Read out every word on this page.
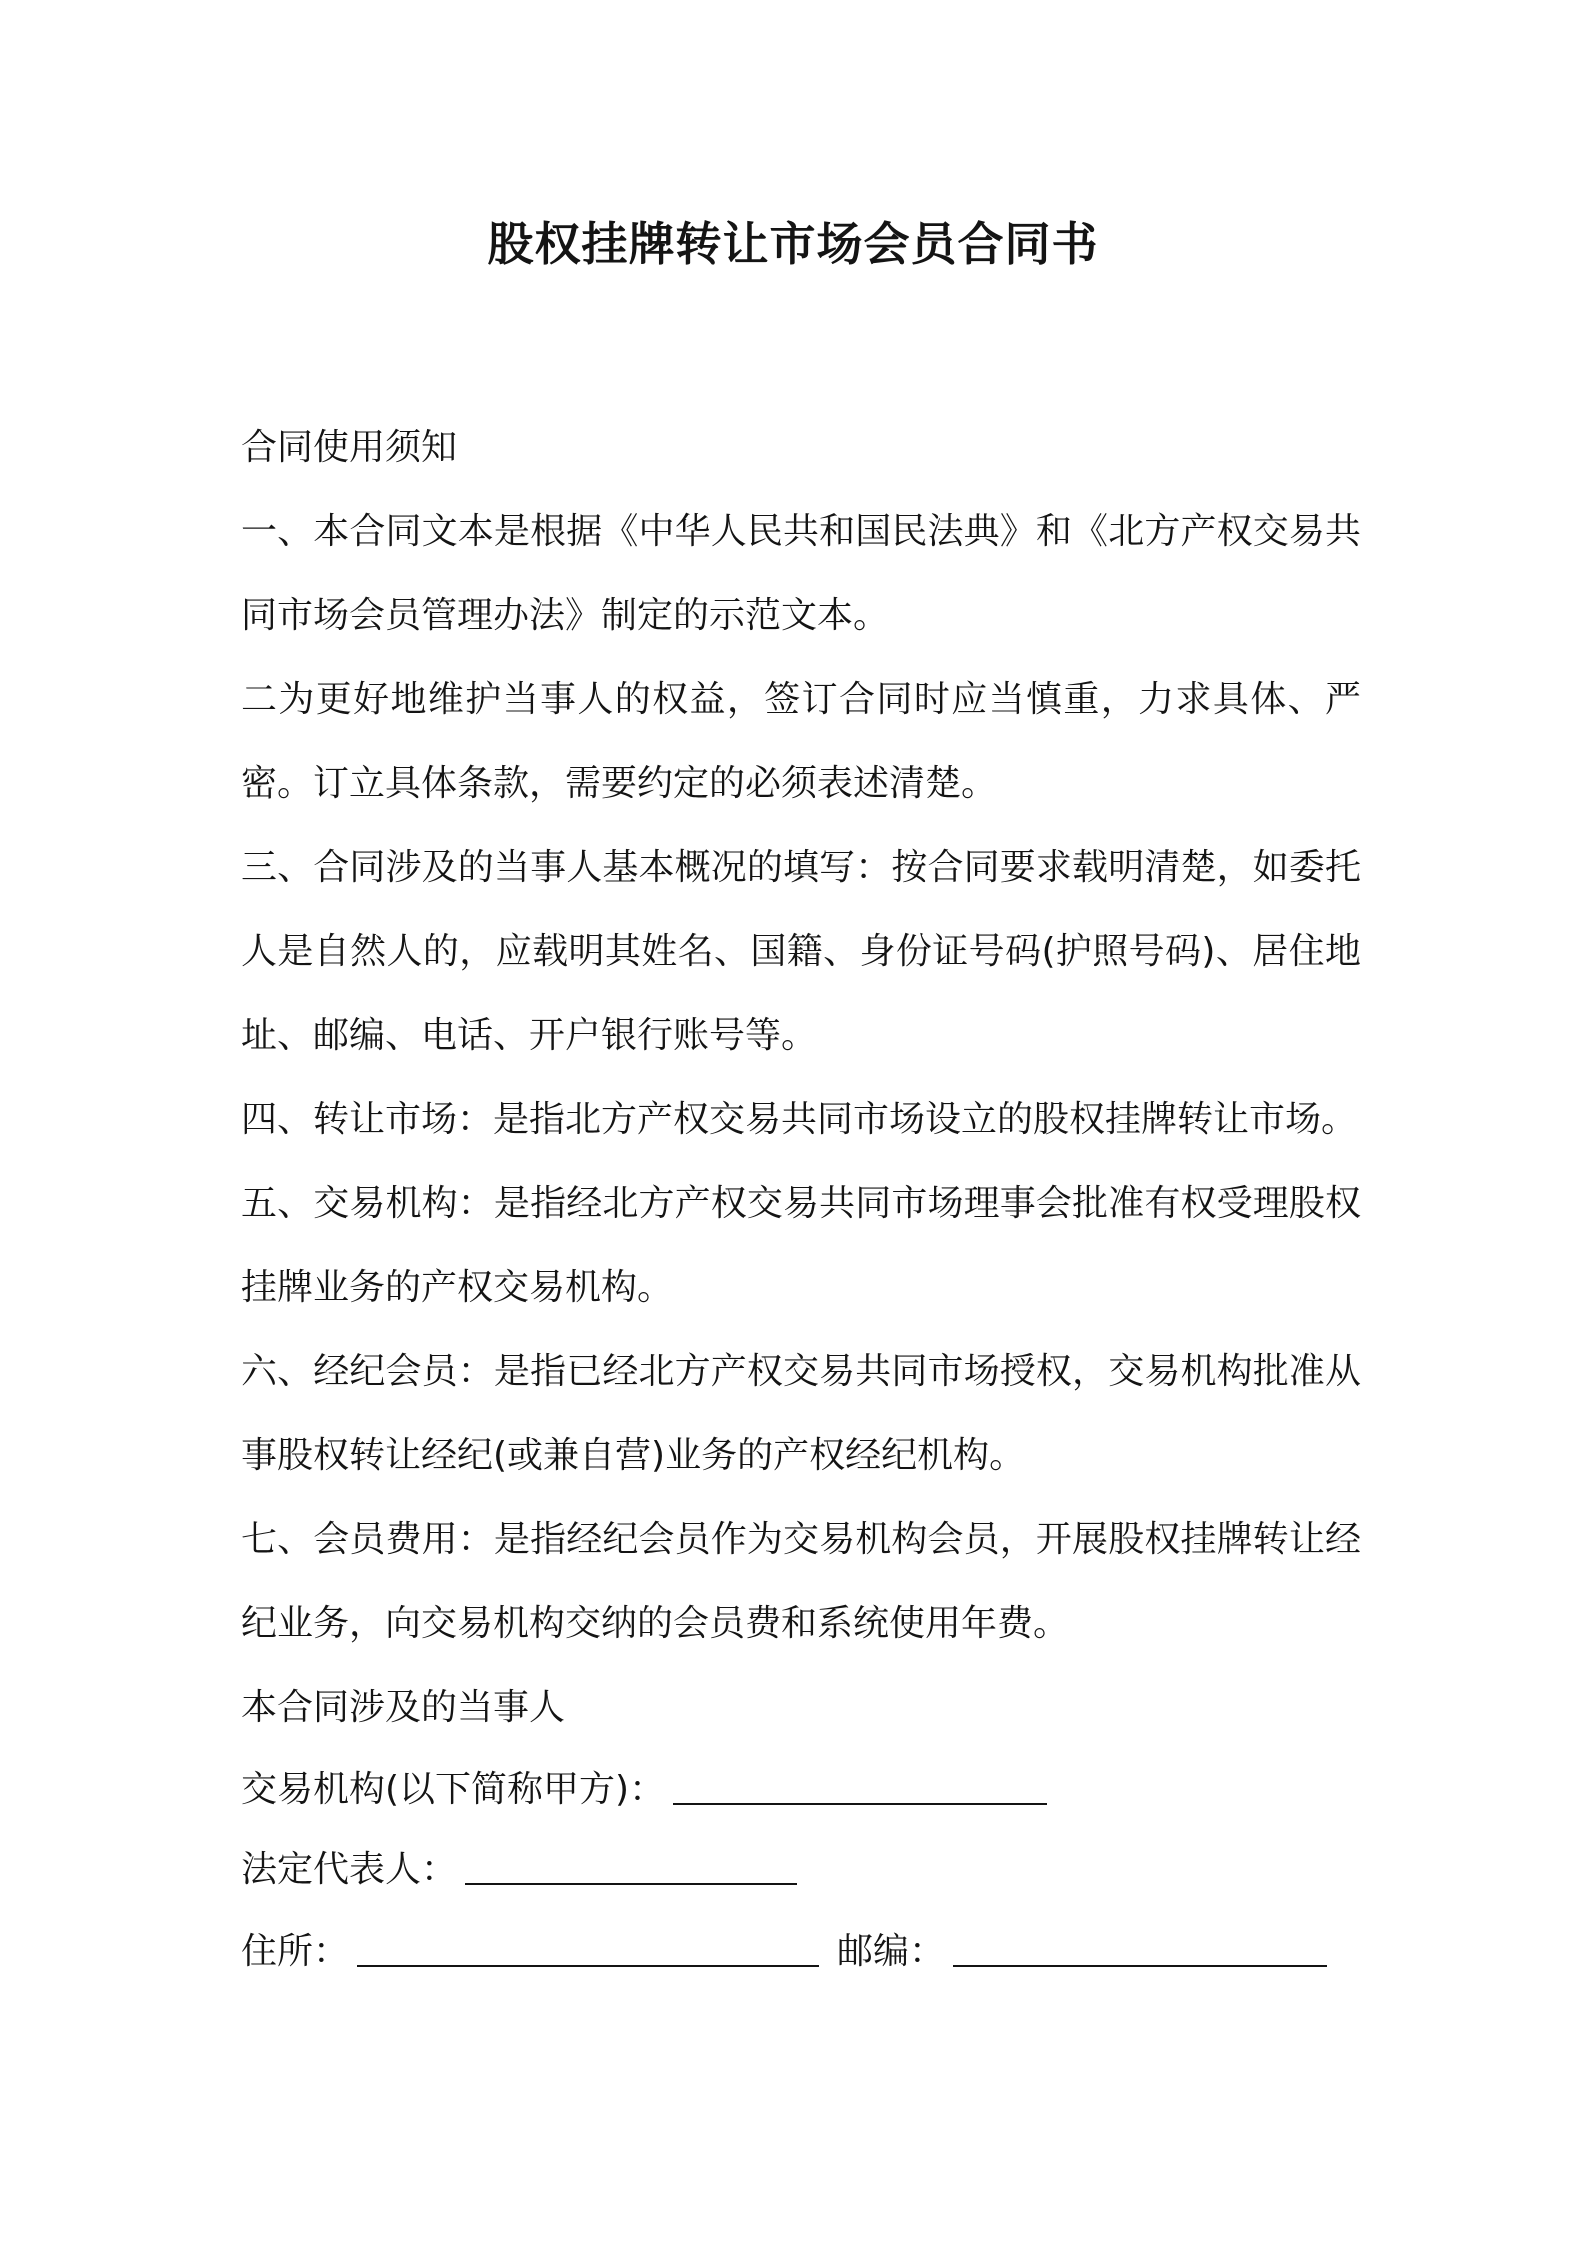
股权挂牌转让市场会员合同书

合同使用须知

一、本合同文本是根据《中华人民共和国民法典》和《北方产权交易共同市场会员管理办法》制定的示范文本。

二为更好地维护当事人的权益，签订合同时应当慎重，力求具体、严密。订立具体条款，需要约定的必须表述清楚。

三、合同涉及的当事人基本概况的填写：按合同要求载明清楚，如委托人是自然人的，应载明其姓名、国籍、身份证号码(护照号码)、居住地址、邮编、电话、开户银行账号等。

四、转让市场：是指北方产权交易共同市场设立的股权挂牌转让市场。

五、交易机构：是指经北方产权交易共同市场理事会批准有权受理股权挂牌业务的产权交易机构。

六、经纪会员：是指已经北方产权交易共同市场授权，交易机构批准从事股权转让经纪(或兼自营)业务的产权经纪机构。

七、会员费用：是指经纪会员作为交易机构会员，开展股权挂牌转让经纪业务，向交易机构交纳的会员费和系统使用年费。

本合同涉及的当事人

交易机构(以下简称甲方)：

法定代表人：

住所：	邮编：
